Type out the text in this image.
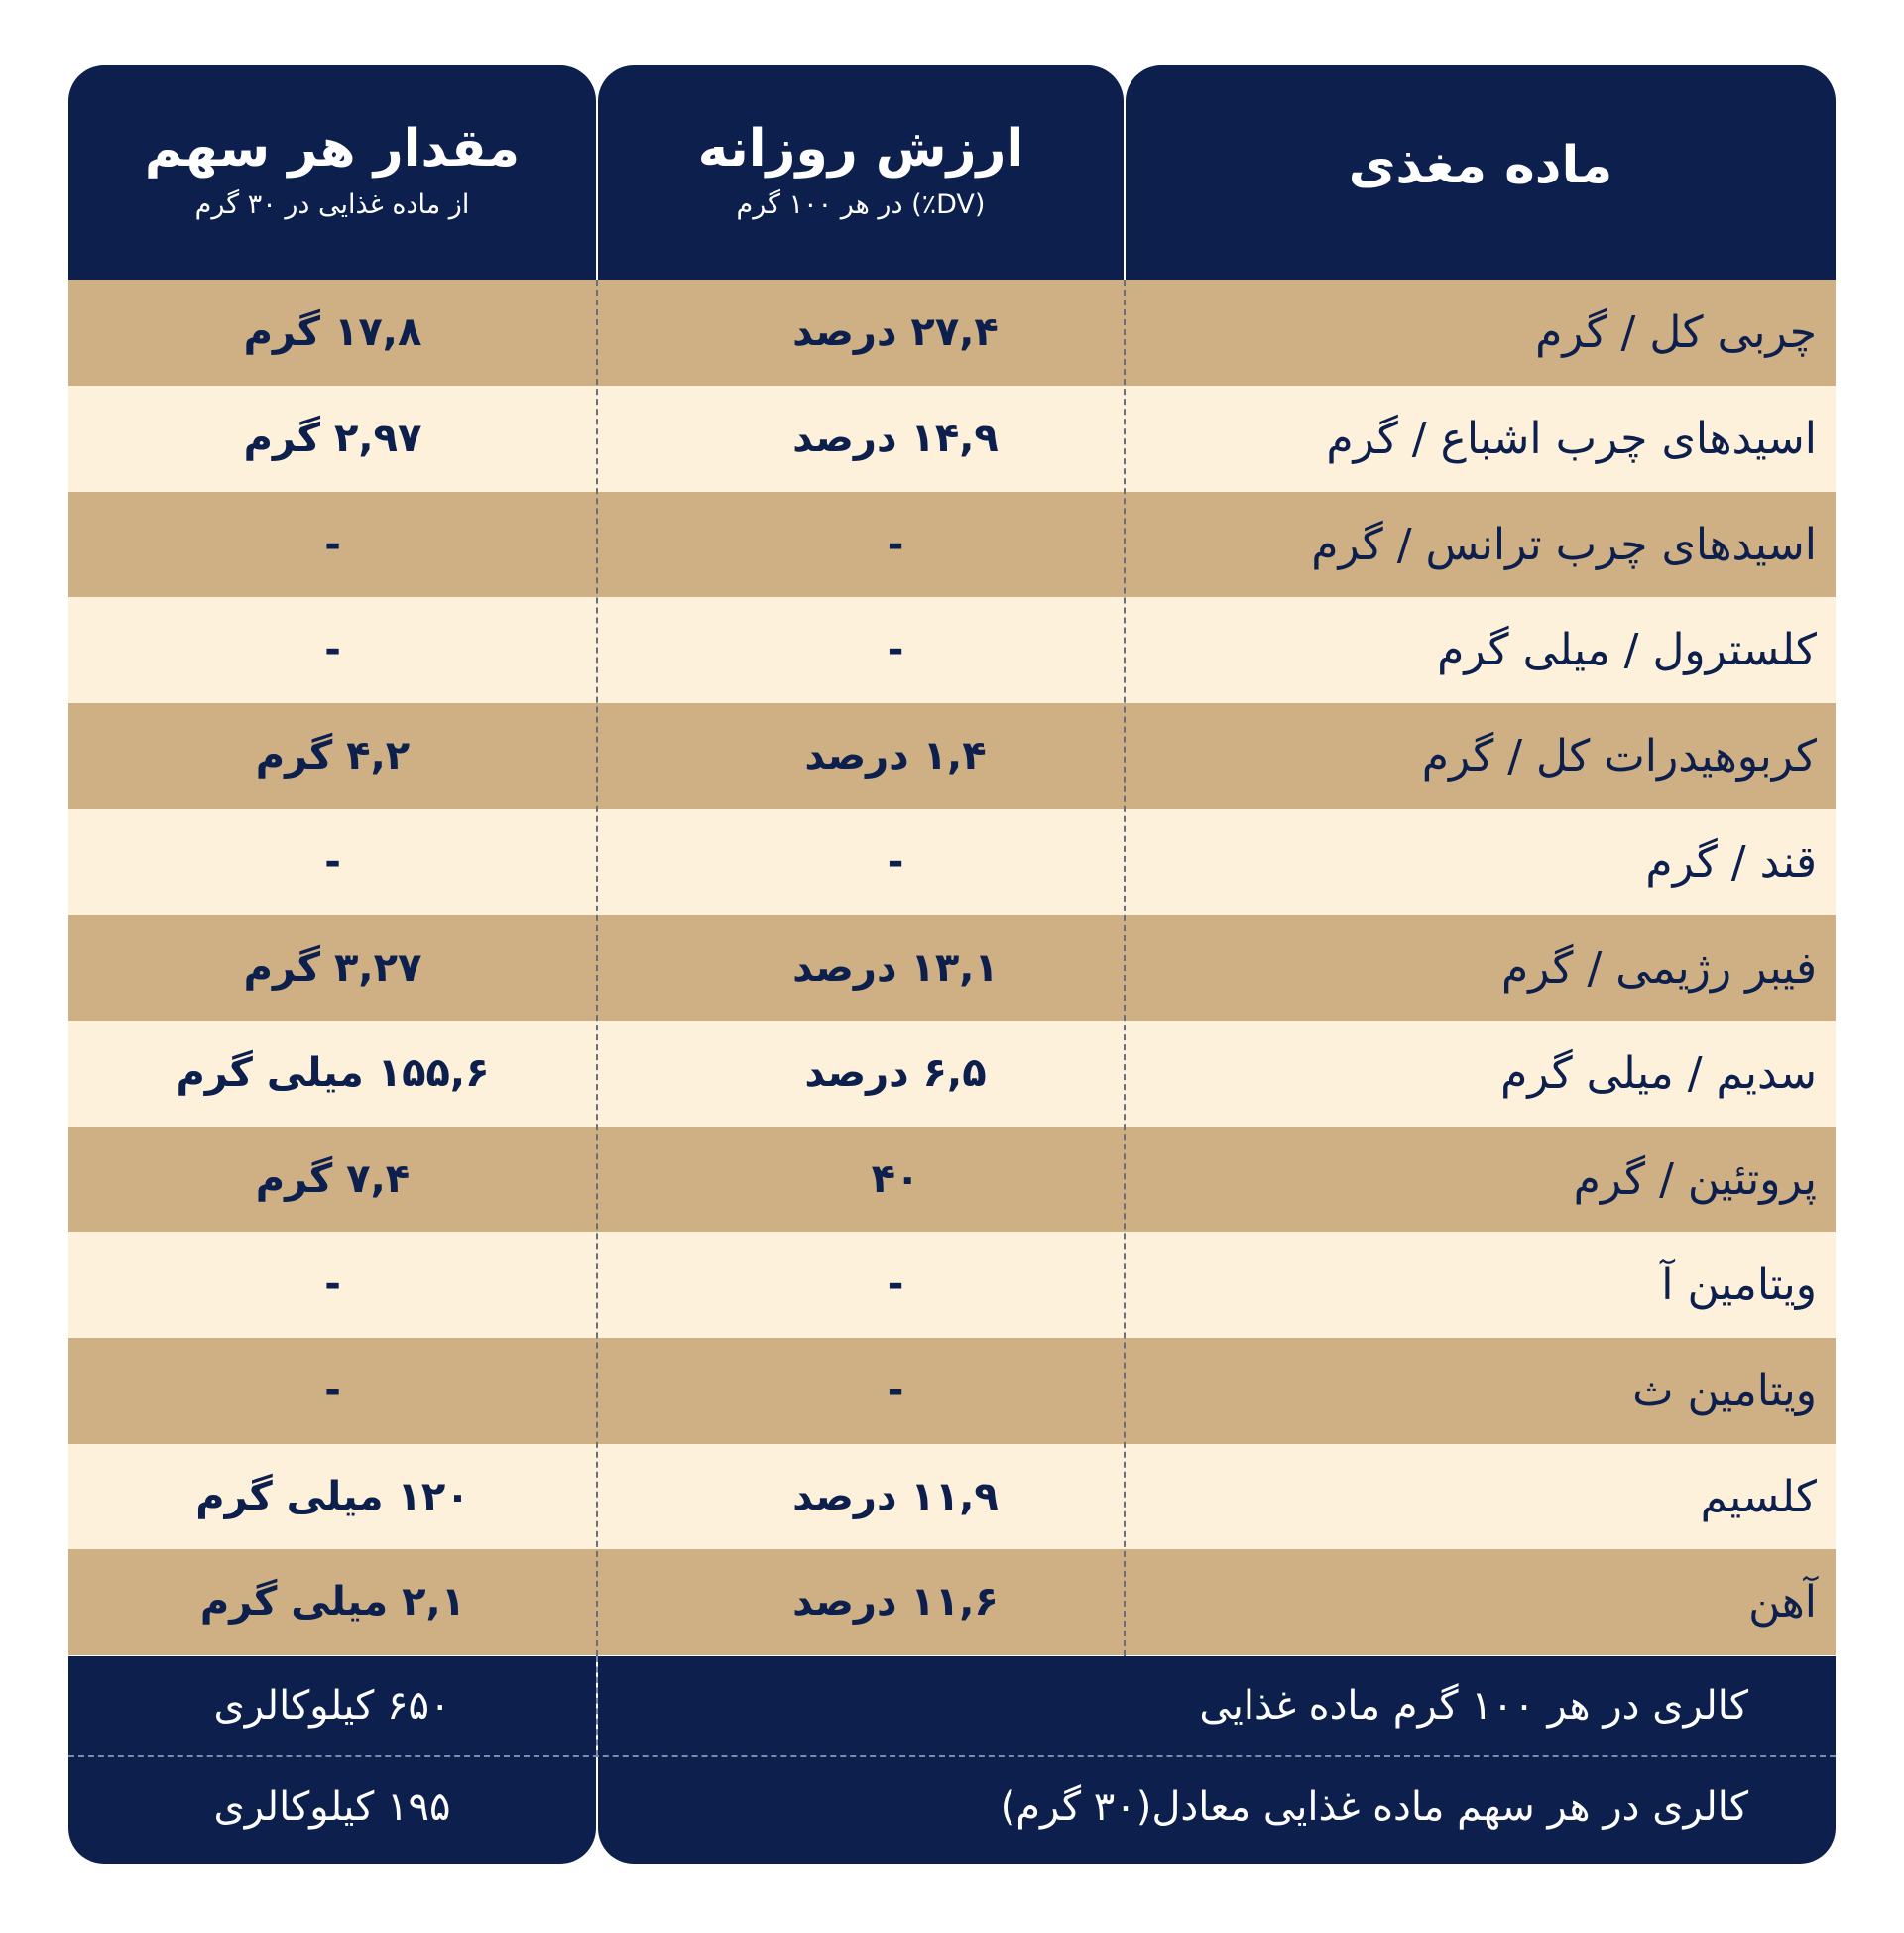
ماده مغذی
ارزش روزانه
(DV٪) در هر ۱۰۰ گرم
مقدار هر سهم
از ماده غذایی در ۳۰ گرم
چربی کل / گرم
۲۷,۴ درصد
۱۷,۸ گرم
اسیدهای چرب اشباع / گرم
۱۴,۹ درصد
۲,۹۷ گرم
اسیدهای چرب ترانس / گرم
-
-
کلسترول / میلی گرم
-
-
کربوهیدرات کل / گرم
۱,۴ درصد
۴,۲ گرم
قند / گرم
-
-
فیبر رژیمی / گرم
۱۳,۱ درصد
۳,۲۷ گرم
سدیم / میلی گرم
۶,۵ درصد
۱۵۵,۶ میلی گرم
پروتئین / گرم
۴۰
۷,۴ گرم
ویتامین آ
-
-
ویتامین ث
-
-
کلسیم
۱۱,۹ درصد
۱۲۰ میلی گرم
آهن
۱۱,۶ درصد
۲,۱ میلی گرم
کالری در هر ۱۰۰ گرم ماده غذایی
۶۵۰ کیلوکالری
کالری در هر سهم ماده غذایی معادل(۳۰ گرم)
۱۹۵ کیلوکالری
